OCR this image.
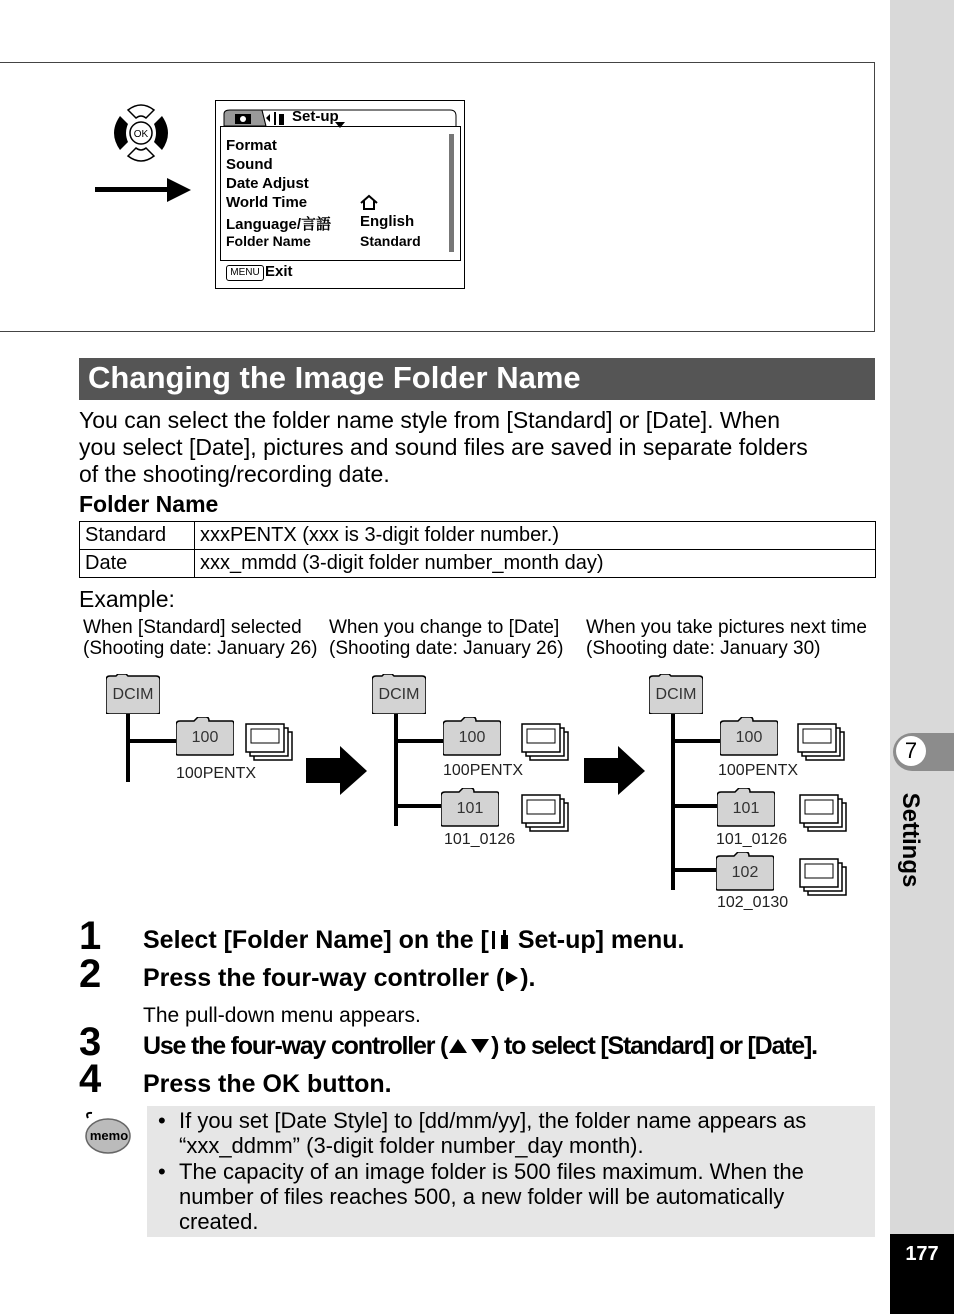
7
Settings
177
OK
Set-up
Format
Sound
Date Adjust
World Time
Language/言語 English
Folder Name	Standard
MENU Exit
Changing the Image Folder Name
You can select the folder name style from [Standard] or [Date]. When
you select [Date], pictures and sound files are saved in separate folders
of the shooting/recording date.
Folder Name
Standard	xxxPENTX (xxx is 3-digit folder number.)
Date	xxx_mmdd (3-digit folder number_month day)
Example:
When [Standard] selected
(Shooting date: January 26)
When you change to [Date]
(Shooting date: January 26)
When you take pictures next time
(Shooting date: January 30)
DCIM
100
100PENTX
DCIM
100
100PENTX
101
101_0126
DCIM
100
100PENTX
101
101_0126
102
102_0130
1 Select [Folder Name] on the [ Set-up] menu.
2 Press the four-way controller ( ).
The pull-down menu appears.
3 Use the four-way controller ( ) to select [Standard] or [Date].
4 Press the OK button.
memo
• If you set [Date Style] to [dd/mm/yy], the folder name appears as
“xxx_ddmm” (3-digit folder number_day month).
• The capacity of an image folder is 500 files maximum. When the
number of files reaches 500, a new folder will be automatically
created.
